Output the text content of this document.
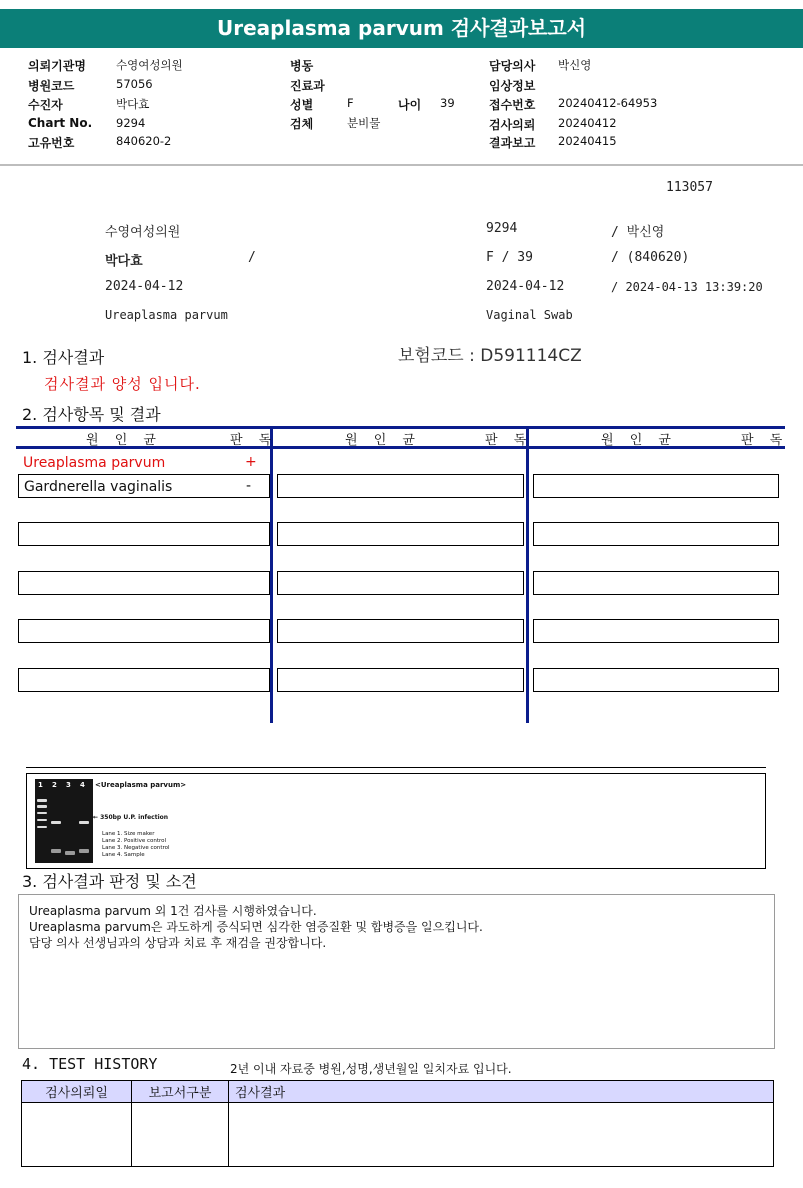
Ureaplasma parvum 검사결과보고서
의뢰기관명	수영여성의원
병원코드	57056
수진자	박다효
Chart No. 9294
고유번호	840620-2
병동
진료과
성별	F	나이 39
검체	분비물
담당의사 박신영
임상정보
접수번호 20240412-64953
검사의뢰 20240412
결과보고 20240415
113057
수영여성의원	9294	/ 박신영
박다효	/	F / 39	/ (840620)
2024-04-12	2024-04-12	/ 2024-04-13 13:39:20
Ureaplasma parvum	Vaginal Swab
1. 검사결과	보험코드 : D591114CZ
검사결과 양성 입니다.
2. 검사항목 및 결과
원 인 균	판 독	원 인 균	판 독	원 인 균	판 독
Ureaplasma parvum	+
Gardnerella vaginalis	-
1 2 3 4 <Ureaplasma parvum>
← 350bp U.P. infection
Lane 1. Size maker
Lane 2. Positive control
Lane 3. Negative control
Lane 4. Sample
3. 검사결과 판정 및 소견
Ureaplasma parvum 외 1건 검사를 시행하였습니다.
Ureaplasma parvum은 과도하게 증식되면 심각한 염증질환 및 합병증을 일으킵니다.
담당 의사 선생님과의 상담과 치료 후 재검을 권장합니다.
4. TEST HISTORY	2년 이내 자료중 병원,성명,생년월일 일치자료 입니다.
검사의뢰일	보고서구분	검사결과
